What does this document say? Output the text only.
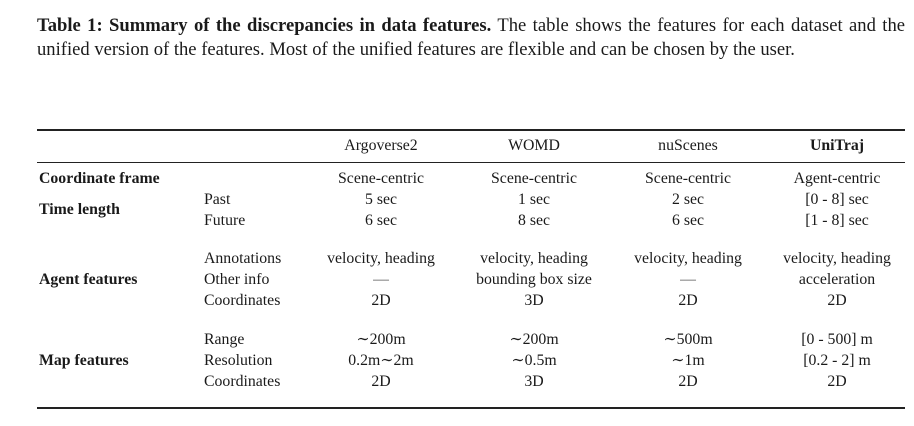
Table 1: Summary of the discrepancies in data features. The table shows the features for each dataset and the unified version of the features. Most of the unified features are flexible and can be chosen by the user.

Argoverse2	WOMD	nuScenes	UniTraj
Coordinate frame	Scene-centric	Scene-centric	Scene-centric	Agent-centric
Time length
Past	5 sec	1 sec	2 sec	[0 - 8] sec
Future	6 sec	8 sec	6 sec	[1 - 8] sec
Agent features
Annotations	velocity, heading	velocity, heading	velocity, heading	velocity, heading
Other info	—	bounding box size	—	acceleration
Coordinates	2D	3D	2D	2D
Map features
Range	∼200m	∼200m	∼500m	[0 - 500] m
Resolution	0.2m∼2m	∼0.5m	∼1m	[0.2 - 2] m
Coordinates	2D	3D	2D	2D
